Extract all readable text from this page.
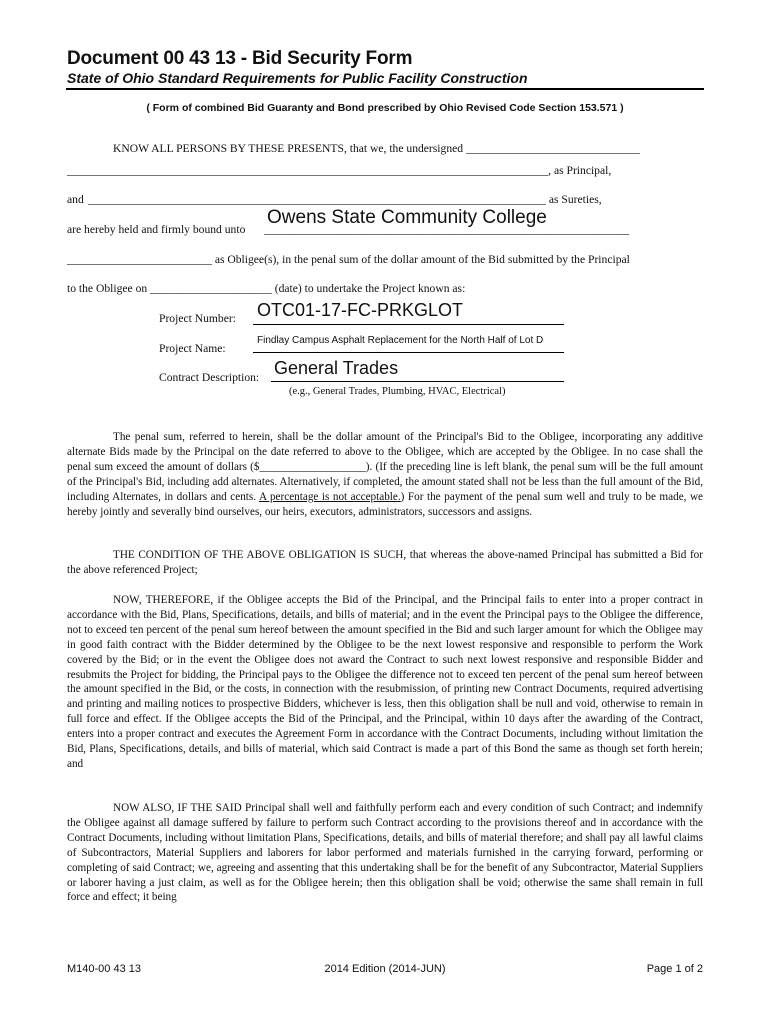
Document 00 43 13 - Bid Security Form
State of Ohio Standard Requirements for Public Facility Construction
( Form of combined Bid Guaranty and Bond prescribed by Ohio Revised Code Section 153.571 )
KNOW ALL PERSONS BY THESE PRESENTS, that we, the undersigned ______________________________
___________________________________________________________________________________, as Principal,
and _______________________________________________________________________________ as Sureties,
are hereby held and firmly bound unto _______________________________________________________________
Owens State Community College
_________________________ as Obligee(s), in the penal sum of the dollar amount of the Bid submitted by the Principal
to the Obligee on _____________________ (date) to undertake the Project known as:
Project Number: OTC01-17-FC-PRKGLOT
Project Name:
Findlay Campus Asphalt Replacement for the North Half of Lot D
Contract Description: General Trades
(e.g., General Trades, Plumbing, HVAC, Electrical)

The penal sum, referred to herein, shall be the dollar amount of the Principal's Bid to the Obligee, incorporating any additive alternate Bids made by the Principal on the date referred to above to the Obligee, which are accepted by the Obligee. In no case shall the penal sum exceed the amount of dollars ($___________________). (If the preceding line is left blank, the penal sum will be the full amount of the Principal's Bid, including add alternates. Alternatively, if completed, the amount stated shall not be less than the full amount of the Bid, including Alternates, in dollars and cents. A percentage is not acceptable.) For the payment of the penal sum well and truly to be made, we hereby jointly and severally bind ourselves, our heirs, executors, administrators, successors and assigns.

THE CONDITION OF THE ABOVE OBLIGATION IS SUCH, that whereas the above-named Principal has submitted a Bid for the above referenced Project;

NOW, THEREFORE, if the Obligee accepts the Bid of the Principal, and the Principal fails to enter into a proper contract in accordance with the Bid, Plans, Specifications, details, and bills of material; and in the event the Principal pays to the Obligee the difference, not to exceed ten percent of the penal sum hereof between the amount specified in the Bid and such larger amount for which the Obligee may in good faith contract with the Bidder determined by the Obligee to be the next lowest responsive and responsible to perform the Work covered by the Bid; or in the event the Obligee does not award the Contract to such next lowest responsive and responsible Bidder and resubmits the Project for bidding, the Principal pays to the Obligee the difference not to exceed ten percent of the penal sum hereof between the amount specified in the Bid, or the costs, in connection with the resubmission, of printing new Contract Documents, required advertising and printing and mailing notices to prospective Bidders, whichever is less, then this obligation shall be null and void, otherwise to remain in full force and effect. If the Obligee accepts the Bid of the Principal, and the Principal, within 10 days after the awarding of the Contract, enters into a proper contract and executes the Agreement Form in accordance with the Contract Documents, including without limitation the Bid, Plans, Specifications, details, and bills of material, which said Contract is made a part of this Bond the same as though set forth herein; and

NOW ALSO, IF THE SAID Principal shall well and faithfully perform each and every condition of such Contract; and indemnify the Obligee against all damage suffered by failure to perform such Contract according to the provisions thereof and in accordance with the Contract Documents, including without limitation Plans, Specifications, details, and bills of material therefore; and shall pay all lawful claims of Subcontractors, Material Suppliers and laborers for labor performed and materials furnished in the carrying forward, performing or completing of said Contract; we, agreeing and assenting that this undertaking shall be for the benefit of any Subcontractor, Material Suppliers or laborer having a just claim, as well as for the Obligee herein; then this obligation shall be void; otherwise the same shall remain in full force and effect; it being

M140-00 43 13	2014 Edition (2014-JUN)	Page 1 of 2
